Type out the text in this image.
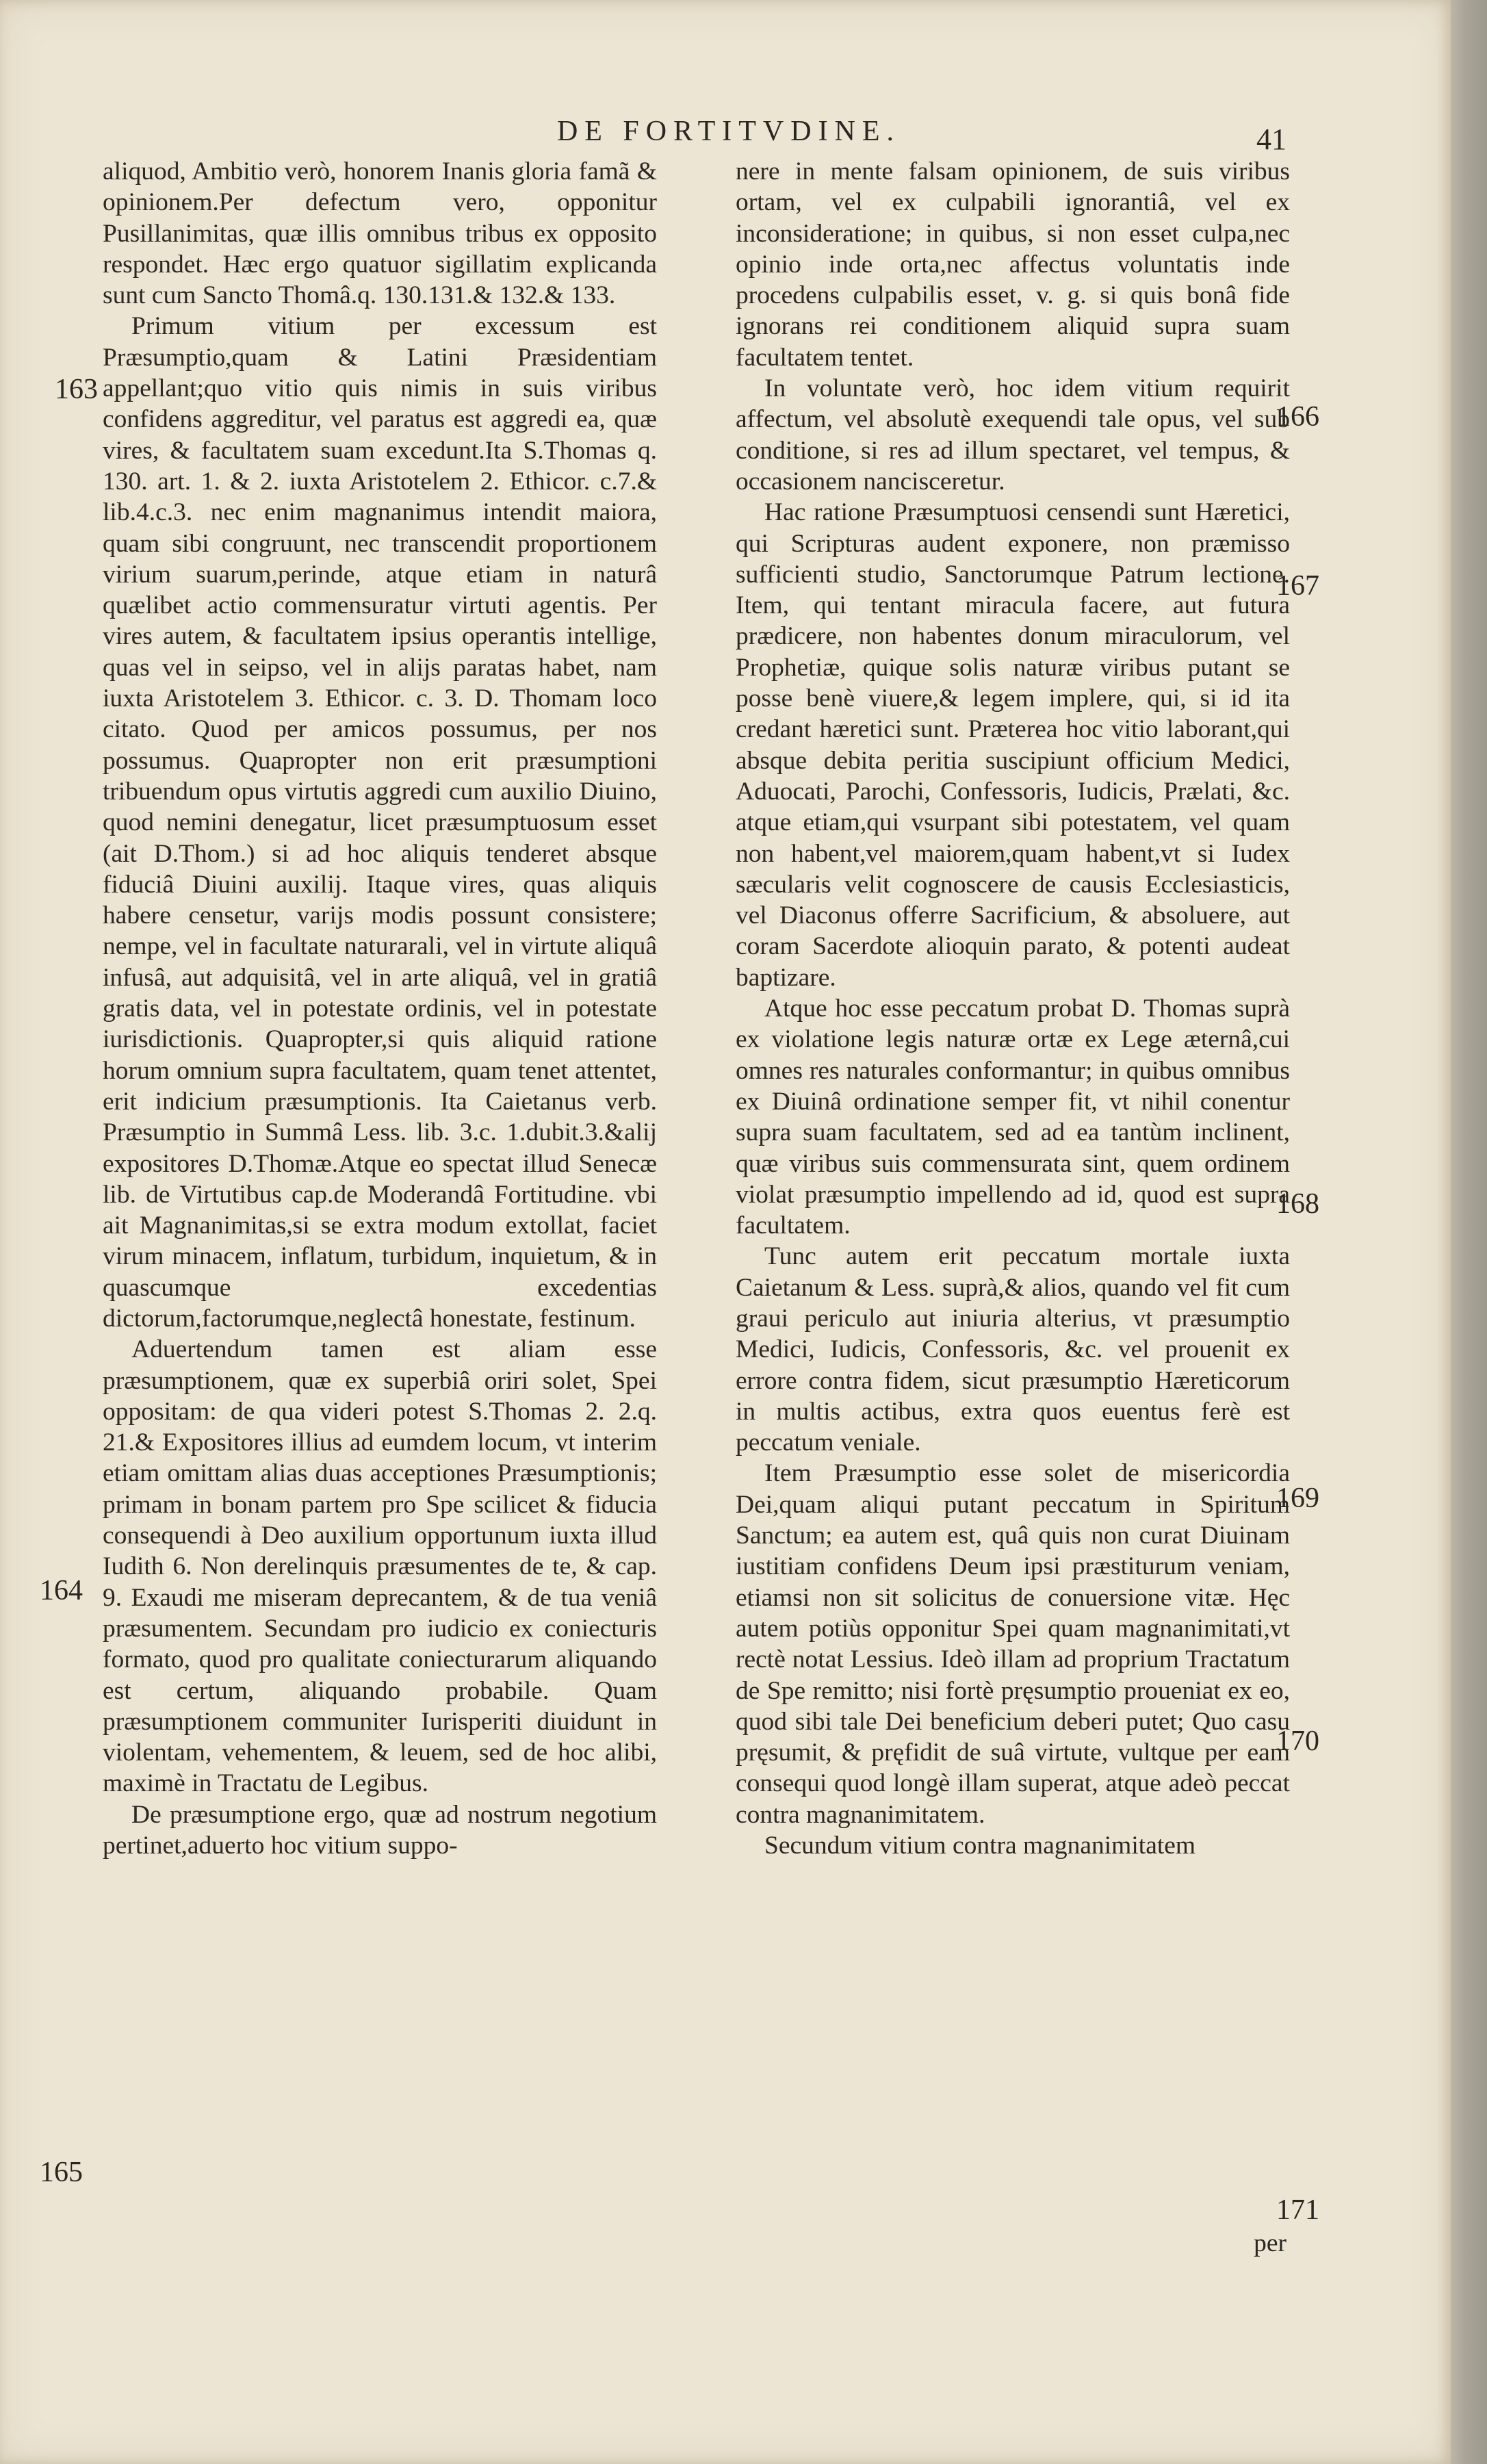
DE FORTITVDINE.	41
163
164
165
166
167
168
169
170
171

aliquod, Ambitio verò, honorem Inanis gloria famã & opinionem.Per defectum vero, opponitur Pusillanimitas, quæ illis omnibus tribus ex opposito respondet. Hæc ergo quatuor sigillatim explicanda sunt cum Sancto Thomâ.q. 130.131.& 132.& 133.

Primum vitium per excessum est Præsumptio,quam & Latini Præsidentiam appellant;quo vitio quis nimis in suis viribus confidens aggreditur, vel paratus est aggredi ea, quæ vires, & facultatem suam excedunt.Ita S.Thomas q. 130. art. 1. & 2. iuxta Aristotelem 2. Ethicor. c.7.& lib.4.c.3. nec enim magnanimus intendit maiora, quam sibi congruunt, nec transcendit proportionem virium suarum,perinde, atque etiam in naturâ quælibet actio commensuratur virtuti agentis. Per vires autem, & facultatem ipsius operantis intellige, quas vel in seipso, vel in alijs paratas habet, nam iuxta Aristotelem 3. Ethicor. c. 3. D. Thomam loco citato. Quod per amicos possumus, per nos possumus. Quapropter non erit præsumptioni tribuendum opus virtutis aggredi cum auxilio Diuino, quod nemini denegatur, licet præsumptuosum esset (ait D.Thom.) si ad hoc aliquis tenderet absque fiduciâ Diuini auxilij. Itaque vires, quas aliquis habere censetur, varijs modis possunt consistere; nempe, vel in facultate naturarali, vel in virtute aliquâ infusâ, aut adquisitâ, vel in arte aliquâ, vel in gratiâ gratis data, vel in potestate ordinis, vel in potestate iurisdictionis. Quapropter,si quis aliquid ratione horum omnium supra facultatem, quam tenet attentet, erit indicium præsumptionis. Ita Caietanus verb. Præsumptio in Summâ Less. lib. 3.c. 1.dubit.3.&alij expositores D.Thomæ.Atque eo spectat illud Senecæ lib. de Virtutibus cap.de Moderandâ Fortitudine. vbi ait Magnanimitas,si se extra modum extollat, faciet virum minacem, inflatum, turbidum, inquietum, & in quascumque excedentias dictorum,factorumque,neglectâ honestate, festinum.

Aduertendum tamen est aliam esse præsumptionem, quæ ex superbiâ oriri solet, Spei oppositam: de qua videri potest S.Thomas 2. 2.q. 21.& Expositores illius ad eumdem locum, vt interim etiam omittam alias duas acceptiones Præsumptionis; primam in bonam partem pro Spe scilicet & fiducia consequendi à Deo auxilium opportunum iuxta illud Iudith 6. Non derelinquis præsumentes de te, & cap. 9. Exaudi me miseram deprecantem, & de tua veniâ præsumentem. Secundam pro iudicio ex coniecturis formato, quod pro qualitate coniecturarum aliquando est certum, aliquando probabile. Quam præsumptionem communiter Iurisperiti diuidunt in violentam, vehementem, & leuem, sed de hoc alibi, maximè in Tractatu de Legibus.

De præsumptione ergo, quæ ad nostrum negotium pertinet,aduerto hoc vitium suppo-

nere in mente falsam opinionem, de suis viribus ortam, vel ex culpabili ignorantiâ, vel ex inconsideratione; in quibus, si non esset culpa,nec opinio inde orta,nec affectus voluntatis inde procedens culpabilis esset, v. g. si quis bonâ fide ignorans rei conditionem aliquid supra suam facultatem tentet.

In voluntate verò, hoc idem vitium requirit affectum, vel absolutè exequendi tale opus, vel sub conditione, si res ad illum spectaret, vel tempus, & occasionem nancisceretur.

Hac ratione Præsumptuosi censendi sunt Hæretici, qui Scripturas audent exponere, non præmisso sufficienti studio, Sanctorumque Patrum lectione. Item, qui tentant miracula facere, aut futura prædicere, non habentes donum miraculorum, vel Prophetiæ, quique solis naturæ viribus putant se posse benè viuere,& legem implere, qui, si id ita credant hæretici sunt. Præterea hoc vitio laborant,qui absque debita peritia suscipiunt officium Medici, Aduocati, Parochi, Confessoris, Iudicis, Prælati, &c. atque etiam,qui vsurpant sibi potestatem, vel quam non habent,vel maiorem,quam habent,vt si Iudex sæcularis velit cognoscere de causis Ecclesiasticis, vel Diaconus offerre Sacrificium, & absoluere, aut coram Sacerdote alioquin parato, & potenti audeat baptizare.

Atque hoc esse peccatum probat D. Thomas suprà ex violatione legis naturæ ortæ ex Lege æternâ,cui omnes res naturales conformantur; in quibus omnibus ex Diuinâ ordinatione semper fit, vt nihil conentur supra suam facultatem, sed ad ea tantùm inclinent, quæ viribus suis commensurata sint, quem ordinem violat præsumptio impellendo ad id, quod est supra facultatem.

Tunc autem erit peccatum mortale iuxta Caietanum & Less. suprà,& alios, quando vel fit cum graui periculo aut iniuria alterius, vt præsumptio Medici, Iudicis, Confessoris, &c. vel prouenit ex errore contra fidem, sicut præsumptio Hæreticorum in multis actibus, extra quos euentus ferè est peccatum veniale.

Item Præsumptio esse solet de misericordia Dei,quam aliqui putant peccatum in Spiritum Sanctum; ea autem est, quâ quis non curat Diuinam iustitiam confidens Deum ipsi præstiturum veniam, etiamsi non sit solicitus de conuersione vitæ. Hęc autem potiùs opponitur Spei quam magnanimitati,vt rectè notat Lessius. Ideò illam ad proprium Tractatum de Spe remitto; nisi fortè pręsumptio proueniat ex eo, quod sibi tale Dei beneficium deberi putet; Quo casu pręsumit, & pręfidit de suâ virtute, vultque per eam consequi quod longè illam superat, atque adeò peccat contra magnanimitatem.

Secundum vitium contra magnanimitatem

per
